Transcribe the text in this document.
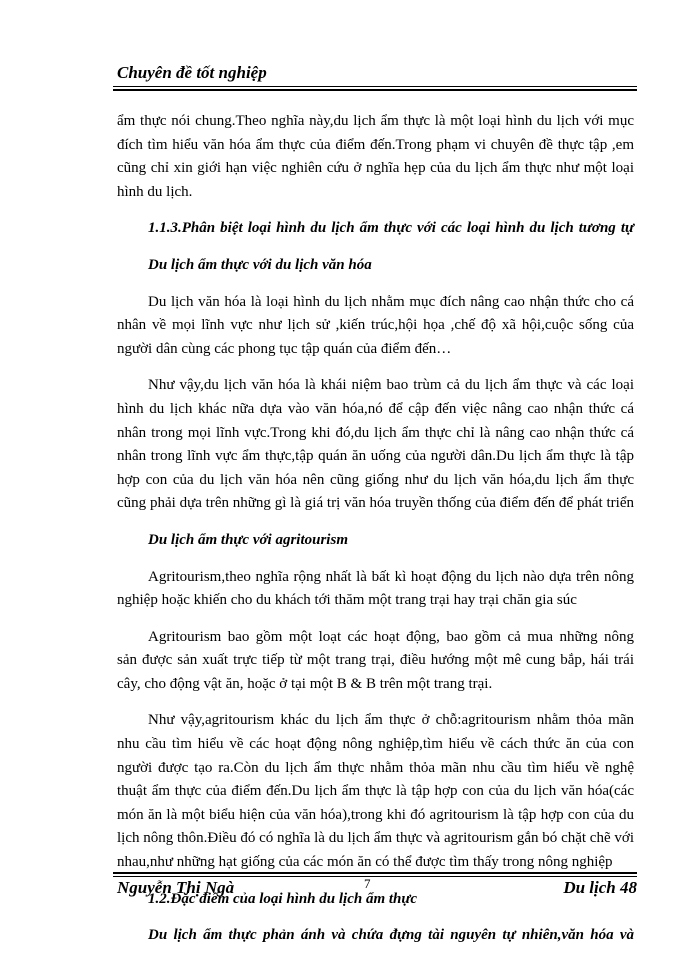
Chuyên đề tốt nghiệp

ẩm thực nói chung.Theo nghĩa này,du lịch ẩm thực là một loại hình du lịch với mục

đích tìm hiểu văn hóa ẩm thực của điểm đến.Trong phạm vi chuyên đề thực tập ,em

cũng chỉ xin giới hạn việc nghiên cứu ở nghĩa hẹp của du lịch ẩm thực như một loại

hình du lịch.

1.1.3.Phân biệt loại hình du lịch ẩm thực với các loại hình du lịch tương tự

Du lịch ẩm thực với du lịch văn hóa

Du lịch văn hóa là loại hình du lịch nhằm mục đích nâng cao nhận thức cho cá

nhân về mọi lĩnh vực như lịch sử ,kiến trúc,hội họa ,chế độ xã hội,cuộc sống của

người dân cùng các phong tục tập quán của điểm đến…

Như vậy,du lịch văn hóa là khái niệm bao trùm cả du lịch ẩm thực và các loại

hình du lịch khác nữa dựa vào văn hóa,nó để cập đến việc nâng cao nhận thức cá

nhân trong mọi lĩnh vực.Trong khi đó,du lịch ẩm thực chỉ là nâng cao nhận thức cá

nhân trong lĩnh vực ẩm thực,tập quán ăn uống của người dân.Du lịch ẩm thực là tập

hợp con của du lịch văn hóa nên cũng giống như du lịch văn hóa,du lịch ẩm thực

cũng phải dựa trên những gì là giá trị văn hóa truyền thống của điểm đến để phát triển

Du lịch ẩm thực với agritourism

Agritourism,theo nghĩa rộng nhất là bất kì hoạt động du lịch nào dựa trên nông

nghiệp hoặc khiến cho du khách tới thăm một trang trại hay trại chăn gia súc

Agritourism bao gồm một loạt các hoạt động, bao gồm cả mua những nông

sản được sản xuất trực tiếp từ một trang trại, điều hướng một mê cung bắp, hái trái

cây, cho động vật ăn, hoặc ở tại một B & B trên một trang trại.

Như vậy,agritourism khác du lịch ẩm thực ở chỗ:agritourism nhằm thỏa mãn

nhu cầu tìm hiểu về các hoạt động nông nghiệp,tìm hiểu về cách thức ăn của con

người được tạo ra.Còn du lịch ẩm thực nhằm thỏa mãn nhu cầu tìm hiểu về nghệ

thuật ẩm thực của điểm đến.Du lịch ẩm thực là tập hợp con của du lịch văn hóa(các

món ăn là một biểu hiện của văn hóa),trong khi đó agritourism là tập hợp con của du

lịch nông thôn.Điều đó có nghĩa là du lịch ẩm thực và agritourism gắn bó chặt chẽ với

nhau,như những hạt giống của các món ăn có thể được tìm thấy trong nông nghiệp

1.2.Đặc điểm của loại hình du lịch ẩm thực

Du lịch ẩm thực phản ánh và chứa đựng tài nguyên tự nhiên,văn hóa và

Nguyễn Thị Ngà	7	Du lịch 48
